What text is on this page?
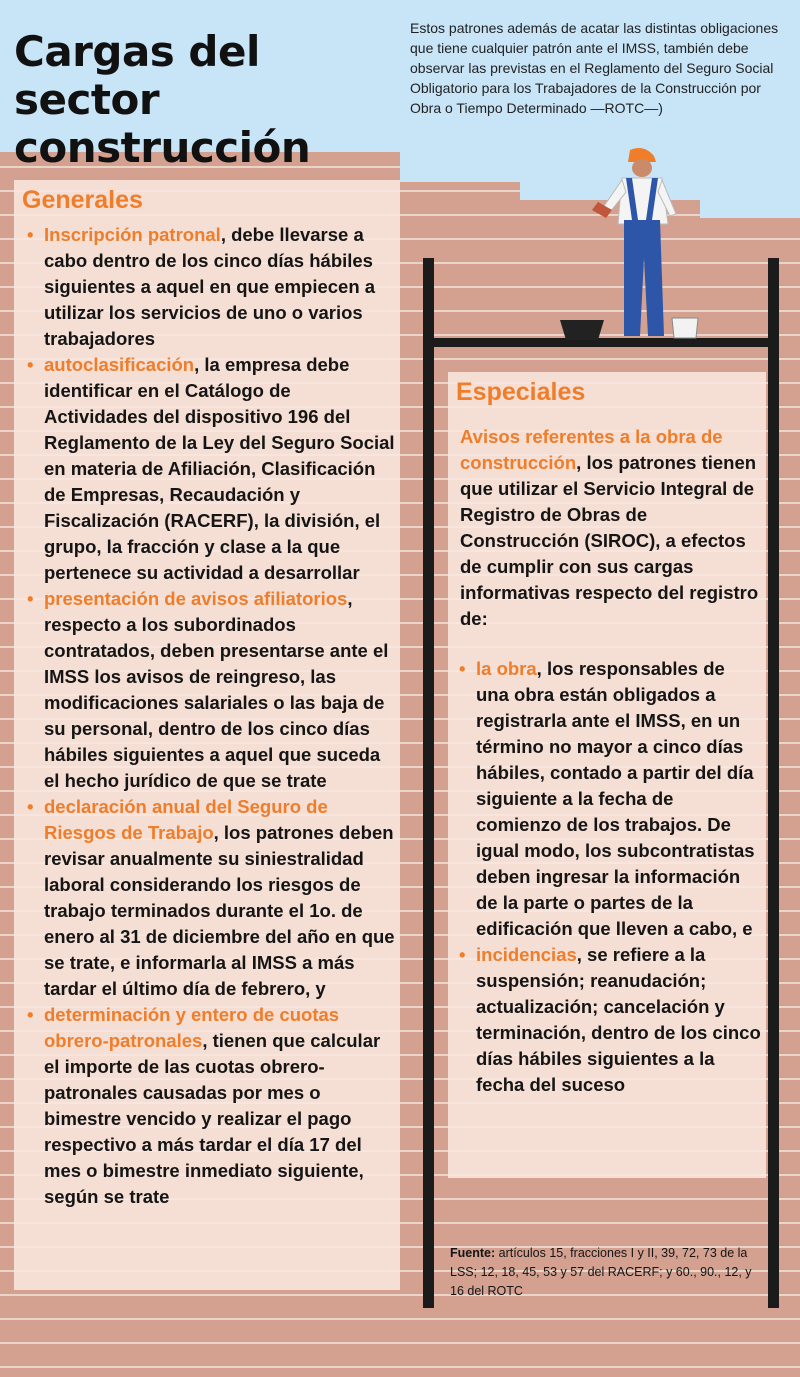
Cargas del sector construcción

Estos patrones además de acatar las distintas obligaciones que tiene cualquier patrón ante el IMSS, también debe observar las previstas en el Reglamento del Seguro Social Obligatorio para los Trabajadores de la Construcción por Obra o Tiempo Determinado —ROTC—)

Generales
• Inscripción patronal, debe llevarse a cabo dentro de los cinco días hábiles siguientes a aquel en que empiecen a utilizar los servicios de uno o varios trabajadores
• autoclasificación, la empresa debe identificar en el Catálogo de Actividades del dispositivo 196 del Reglamento de la Ley del Seguro Social en materia de Afiliación, Clasificación de Empresas, Recaudación y Fiscalización (RACERF), la división, el grupo, la fracción y clase a la que pertenece su actividad a desarrollar
• presentación de avisos afiliatorios, respecto a los subordinados contratados, deben presentarse ante el IMSS los avisos de reingreso, las modificaciones salariales o las baja de su personal, dentro de los cinco días hábiles siguientes a aquel que suceda el hecho jurídico de que se trate
• declaración anual del Seguro de Riesgos de Trabajo, los patrones deben revisar anualmente su siniestralidad laboral considerando los riesgos de trabajo terminados durante el 1o. de enero al 31 de diciembre del año en que se trate, e informarla al IMSS a más tardar el último día de febrero, y
• determinación y entero de cuotas obrero-patronales, tienen que calcular el importe de las cuotas obrero-patronales causadas por mes o bimestre vencido y realizar el pago respectivo a más tardar el día 17 del mes o bimestre inmediato siguiente, según se trate
Especiales
Avisos referentes a la obra de construcción, los patrones tienen que utilizar el Servicio Integral de Registro de Obras de Construcción (SIROC), a efectos de cumplir con sus cargas informativas respecto del registro de:
• la obra, los responsables de una obra están obligados a registrarla ante el IMSS, en un término no mayor a cinco días hábiles, contado a partir del día siguiente a la fecha de comienzo de los trabajos. De igual modo, los subcontratistas deben ingresar la información de la parte o partes de la edificación que lleven a cabo, e
• incidencias, se refiere a la suspensión; reanudación; actualización; cancelación y terminación, dentro de los cinco días hábiles siguientes a la fecha del suceso
Fuente: artículos 15, fracciones I y II, 39, 72, 73 de la LSS; 12, 18, 45, 53 y 57 del RACERF; y 60., 90., 12, y 16 del ROTC
